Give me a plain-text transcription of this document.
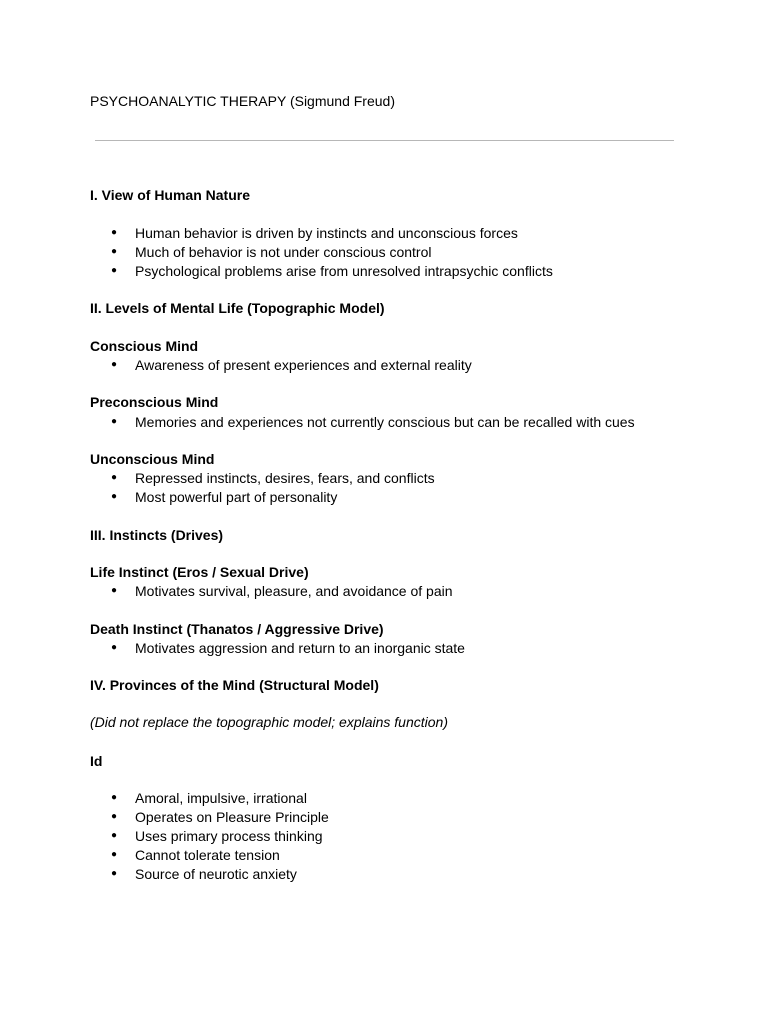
PSYCHOANALYTIC THERAPY (Sigmund Freud)
I. View of Human Nature
● Human behavior is driven by instincts and unconscious forces
● Much of behavior is not under conscious control
● Psychological problems arise from unresolved intrapsychic conflicts
II. Levels of Mental Life (Topographic Model)
Conscious Mind
● Awareness of present experiences and external reality
Preconscious Mind
● Memories and experiences not currently conscious but can be recalled with cues
Unconscious Mind
● Repressed instincts, desires, fears, and conflicts
● Most powerful part of personality
III. Instincts (Drives)
Life Instinct (Eros / Sexual Drive)
● Motivates survival, pleasure, and avoidance of pain
Death Instinct (Thanatos / Aggressive Drive)
● Motivates aggression and return to an inorganic state
IV. Provinces of the Mind (Structural Model)
(Did not replace the topographic model; explains function)
Id
● Amoral, impulsive, irrational
● Operates on Pleasure Principle
● Uses primary process thinking
● Cannot tolerate tension
● Source of neurotic anxiety
